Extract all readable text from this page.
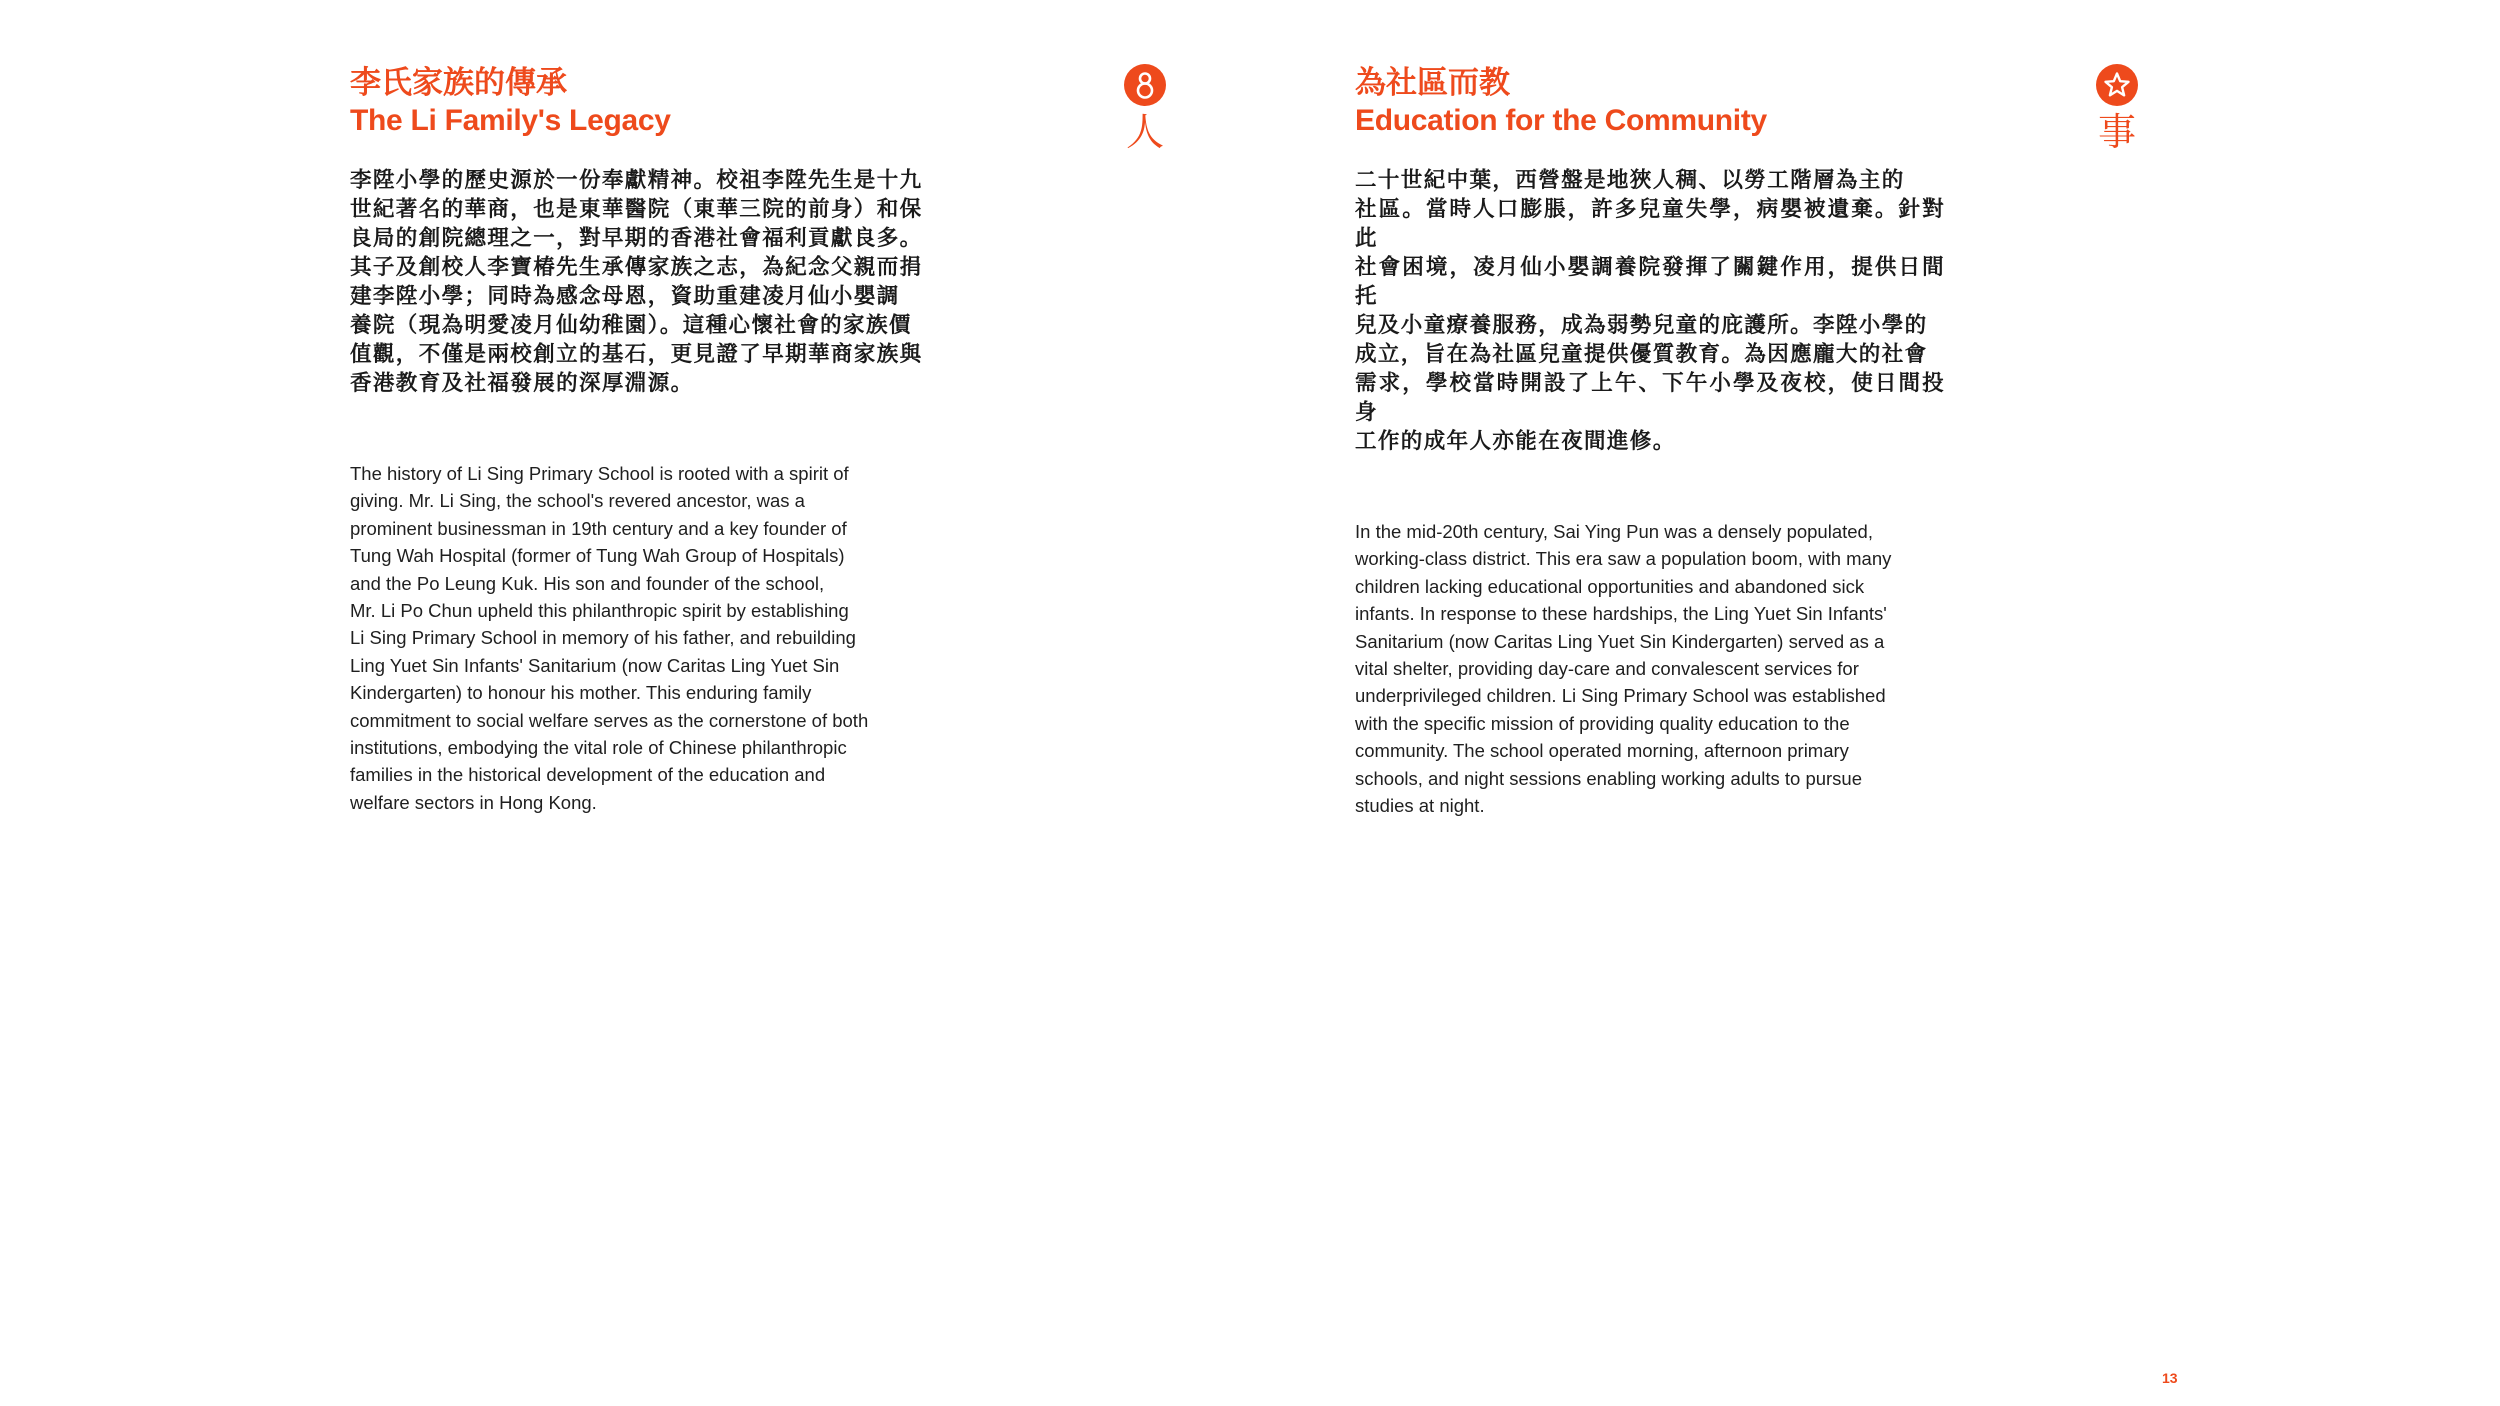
李氏家族的傳承
The Li Family's Legacy
李陞小學的歷史源於一份奉獻精神。校祖李陞先生是十九
世紀著名的華商，也是東華醫院（東華三院的前身）和保
良局的創院總理之一，對早期的香港社會福利貢獻良多。
其子及創校人李寶椿先生承傳家族之志，為紀念父親而捐
建李陞小學；同時為感念母恩，資助重建凌月仙小嬰調
養院（現為明愛凌月仙幼稚園）。這種心懷社會的家族價
值觀，不僅是兩校創立的基石，更見證了早期華商家族與
香港教育及社福發展的深厚淵源。
The history of Li Sing Primary School is rooted with a spirit of
giving. Mr. Li Sing, the school's revered ancestor, was a
prominent businessman in 19th century and a key founder of
Tung Wah Hospital (former of Tung Wah Group of Hospitals)
and the Po Leung Kuk. His son and founder of the school,
Mr. Li Po Chun upheld this philanthropic spirit by establishing
Li Sing Primary School in memory of his father, and rebuilding
Ling Yuet Sin Infants' Sanitarium (now Caritas Ling Yuet Sin
Kindergarten) to honour his mother. This enduring family
commitment to social welfare serves as the cornerstone of both
institutions, embodying the vital role of Chinese philanthropic
families in the historical development of the education and
welfare sectors in Hong Kong.
人
為社區而教
Education for the Community
二十世紀中葉，西營盤是地狹人稠、以勞工階層為主的
社區。當時人口膨脹，許多兒童失學，病嬰被遺棄。針對此
社會困境，凌月仙小嬰調養院發揮了關鍵作用，提供日間托
兒及小童療養服務，成為弱勢兒童的庇護所。李陞小學的
成立，旨在為社區兒童提供優質教育。為因應龐大的社會
需求，學校當時開設了上午、下午小學及夜校，使日間投身
工作的成年人亦能在夜間進修。
In the mid-20th century, Sai Ying Pun was a densely populated,
working-class district. This era saw a population boom, with many
children lacking educational opportunities and abandoned sick
infants. In response to these hardships, the Ling Yuet Sin Infants'
Sanitarium (now Caritas Ling Yuet Sin Kindergarten) served as a
vital shelter, providing day-care and convalescent services for
underprivileged children. Li Sing Primary School was established
with the specific mission of providing quality education to the
community. The school operated morning, afternoon primary
schools, and night sessions enabling working adults to pursue
studies at night.
事
13
